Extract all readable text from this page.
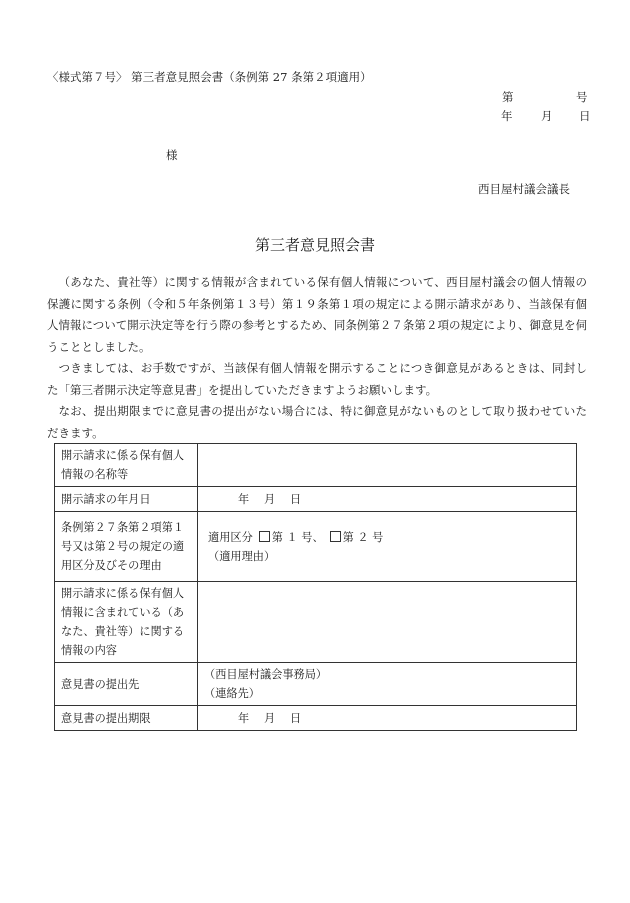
〈様式第７号〉 第三者意見照会書（条例第 27 条第２項適用）
第	号
年 月 日
様
西目屋村議会議長
第三者意見照会書

（あなた、貴社等）に関する情報が含まれている保有個人情報について、西目屋村議会の個人情報の保護に関する条例（令和５年条例第１３号）第１９条第１項の規定による開示請求があり、当該保有個人情報について開示決定等を行う際の参考とするため、同条例第２７条第２項の規定により、御意見を伺うこととしました。

つきましては、お手数ですが、当該保有個人情報を開示することにつき御意見があるときは、同封した「第三者開示決定等意見書」を提出していただきますようお願いします。

なお、提出期限までに意見書の提出がない場合には、特に御意見がないものとして取り扱わせていただきます。

開示請求に係る保有個人情報の名称等	
開示請求の年月日	年 月 日
条例第２７条第２項第１号又は第２号の規定の適用区分及びその理由	適用区分 第 １ 号、 第 ２ 号
（適用理由）

開示請求に係る保有個人情報に含まれている（あなた、貴社等）に関する情報の内容	
意見書の提出先	（西目屋村議会事務局）
（連絡先）

意見書の提出期限	年 月 日
